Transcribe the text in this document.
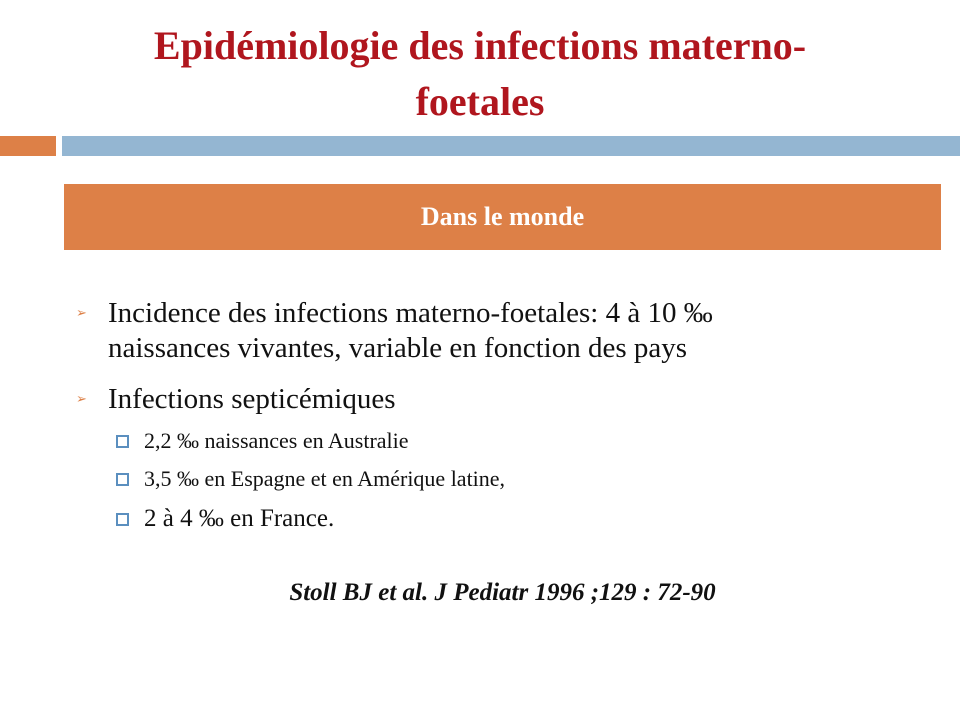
Epidémiologie des infections materno-
foetales
Dans le monde
➢ Incidence des infections materno-foetales: 4 à 10 ‰
naissances vivantes, variable en fonction des pays
➢ Infections septicémiques
2,2 ‰ naissances en Australie
3,5 ‰ en Espagne et en Amérique latine,
2 à 4 ‰ en France.
Stoll BJ et al. J Pediatr 1996 ;129 : 72-90
